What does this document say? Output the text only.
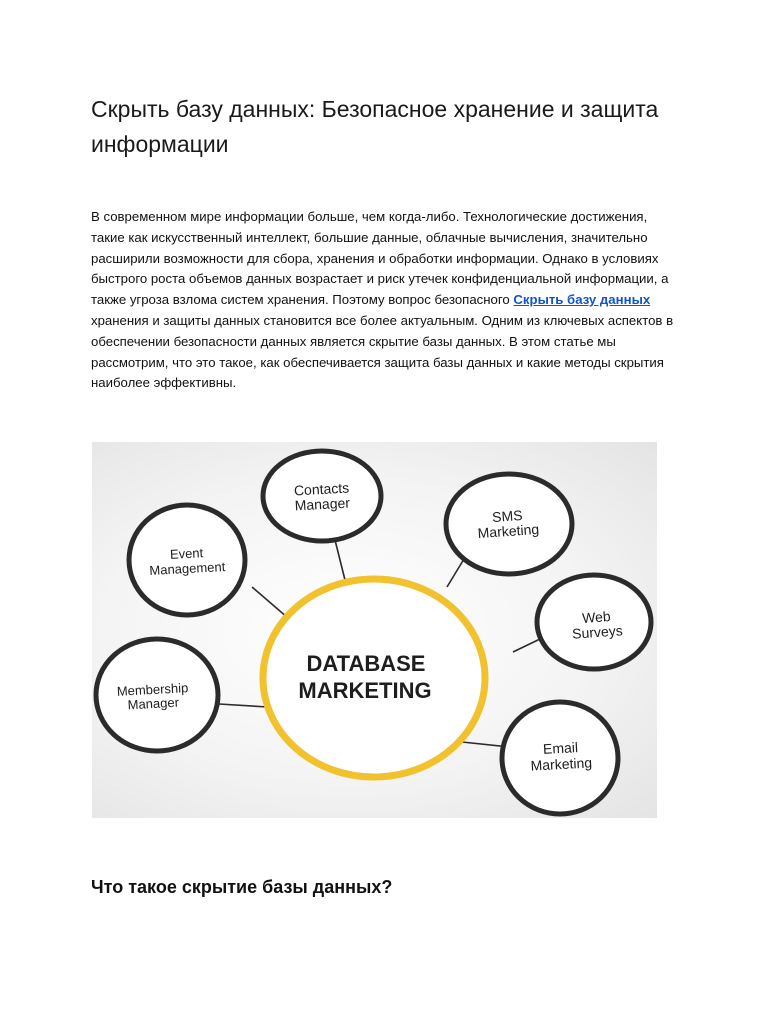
Скрыть базу данных: Безопасное хранение и защита информации

В современном мире информации больше, чем когда-либо. Технологические достижения, такие как искусственный интеллект, большие данные, облачные вычисления, значительно расширили возможности для сбора, хранения и обработки информации. Однако в условиях быстрого роста объемов данных возрастает и риск утечек конфиденциальной информации, а также угроза взлома систем хранения. Поэтому вопрос безопасного Скрыть базу данных хранения и защиты данных становится все более актуальным. Одним из ключевых аспектов в обеспечении безопасности данных является скрытие базы данных. В этом статье мы рассмотрим, что это такое, как обеспечивается защита базы данных и какие методы скрытия наиболее эффективны.

DATABASE
MARKETING
Contacts
Manager
SMS
Marketing
Event
Management
Web
Surveys
Membership
Manager
Email
Marketing
Что такое скрытие базы данных?
